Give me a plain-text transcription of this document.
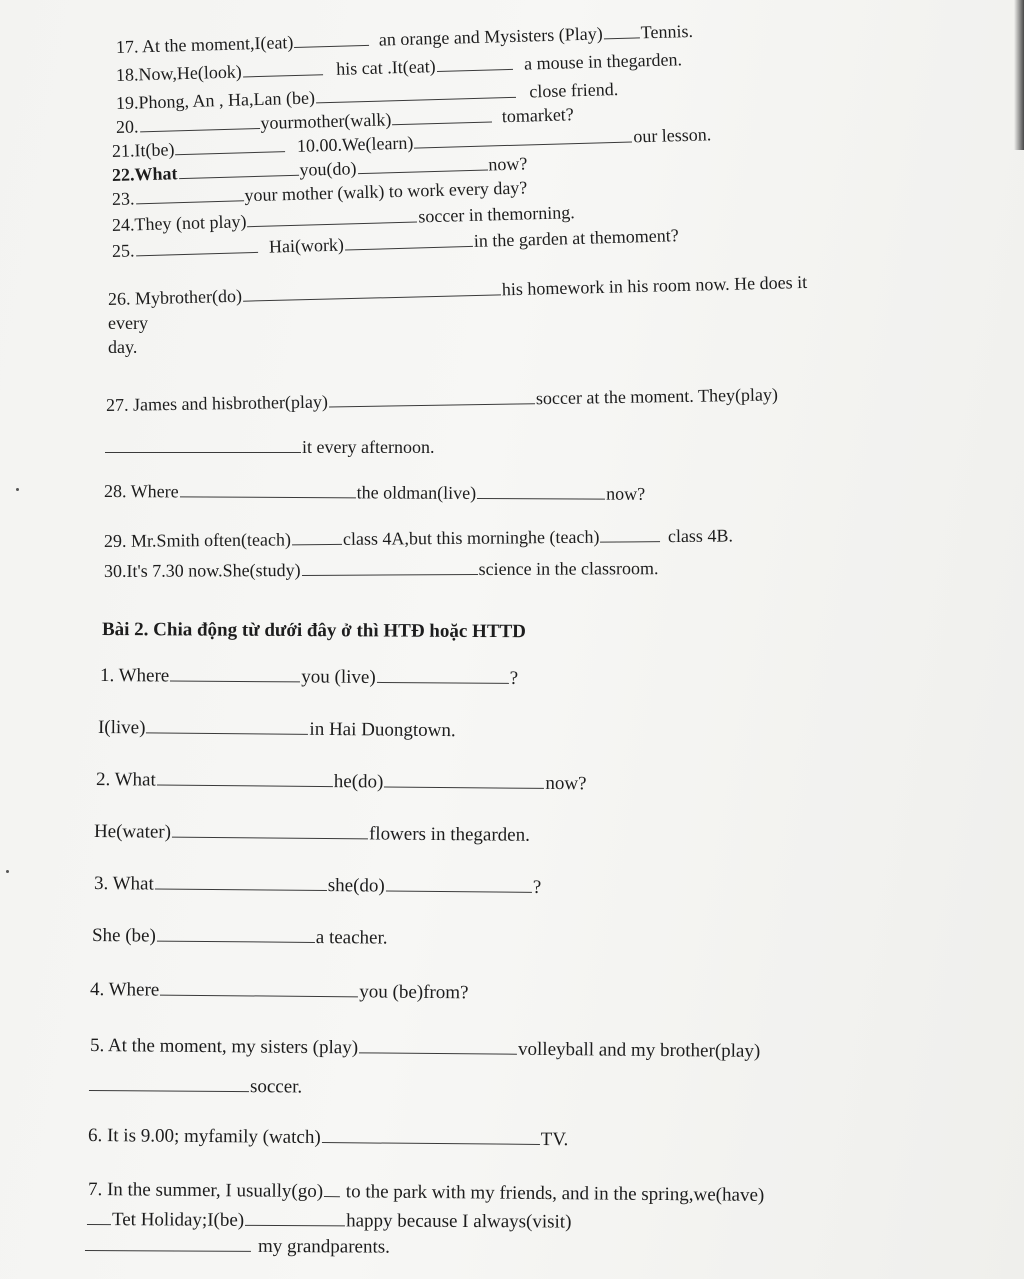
17. At the moment,I(eat)	an orange and Mysisters (Play) Tennis.
18.Now,He(look)	his cat .It(eat)	a mouse in thegarden.
19.Phong, An , Ha,Lan (be)	close friend.
20.	yourmother(walk)	tomarket?
21.It(be)	10.00.We(learn)	our lesson.
22.What	you(do)	now?
23.	your mother (walk) to work every day?
24.They (not play)	soccer in themorning.
25.	Hai(work)	in the garden at themoment?
26. Mybrother(do)	his homework in his room now. He does it
every
day.
27. James and hisbrother(play)	soccer at the moment. They(play)
it every afternoon.
28. Where	the oldman(live)	now?
29. Mr.Smith often(teach)	class 4A,but this morninghe (teach)	class 4B.
30.It's 7.30 now.She(study)	science in the classroom.
Bài 2. Chia động từ dưới đây ở thì HTĐ hoặc HTTD
1. Where	you (live)	?
I(live)	in Hai Duongtown.
2. What	he(do)	now?
He(water)	flowers in thegarden.
3. What	she(do)	?
She (be)	a teacher.
4. Where	you (be)from?
5. At the moment, my sisters (play)	volleyball and my brother(play)
soccer.
6. It is 9.00; myfamily (watch)	TV.
7. In the summer, I usually(go) to the park with my friends, and in the spring,we(have)
Tet Holiday;I(be)	happy because I always(visit)
my grandparents.
